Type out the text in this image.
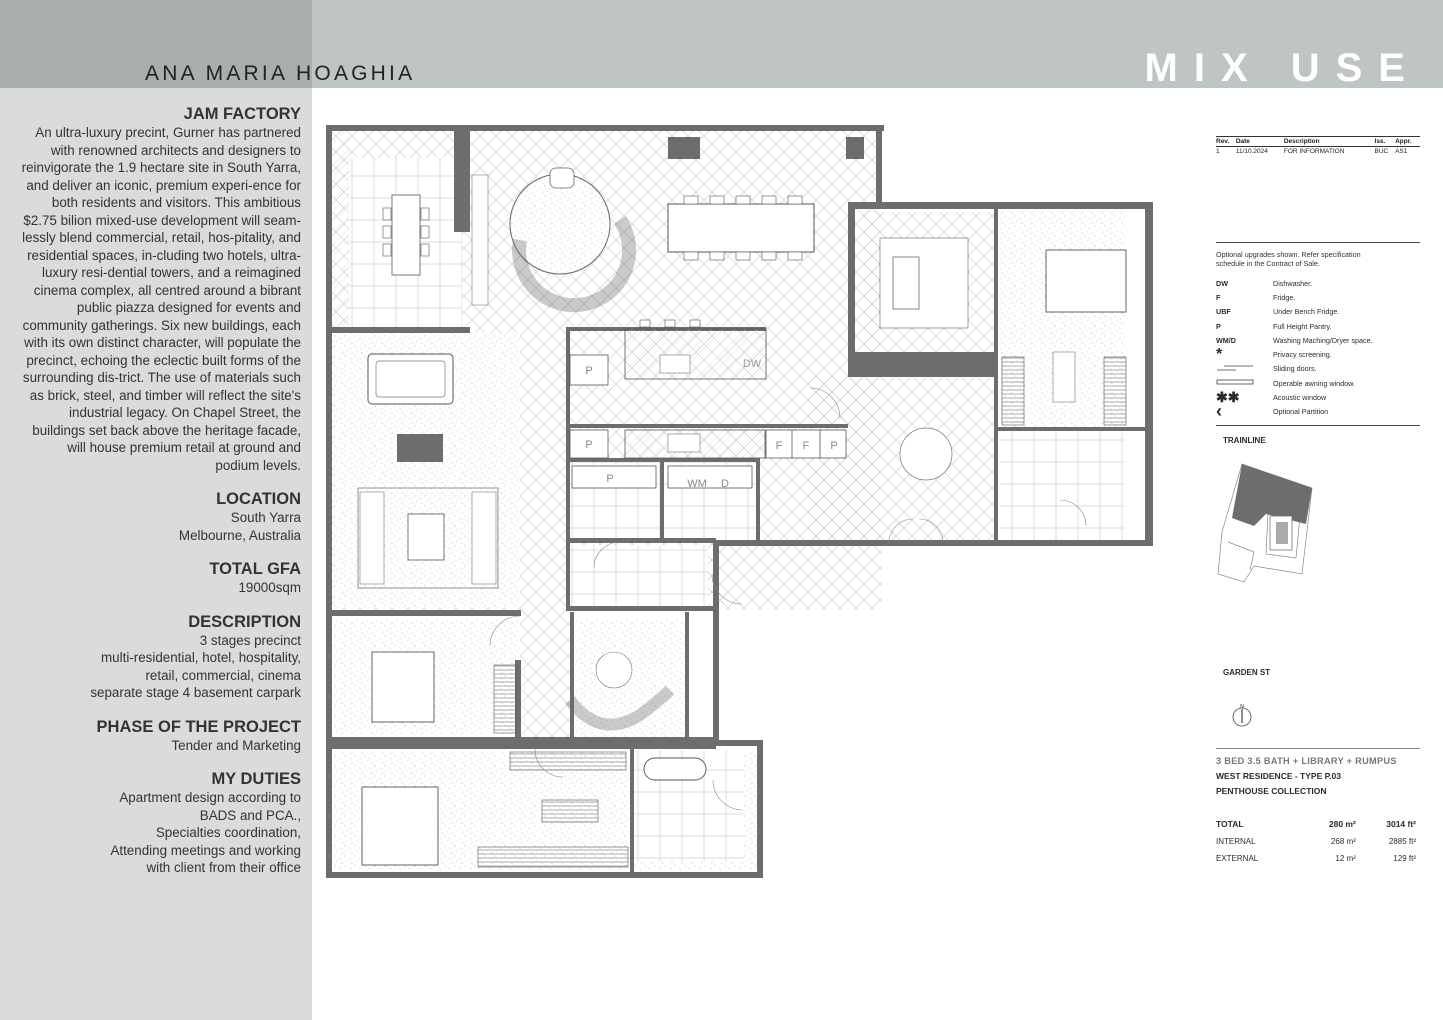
ANA MARIA HOAGHIA	MIX USE

JAM FACTORY

An ultra-luxury precint, Gurner has partnered with renowned architects and designers to reinvigorate the 1.9 hectare site in South Yarra, and deliver an iconic, premium experi-ence for both residents and visitors. This ambitious $2.75 bilion mixed-use development will seam-lessly blend commercial, retail, hos-pitality, and residential spaces, in-cluding two hotels, ultra-luxury resi-dential towers, and a reimagined cinema complex, all centred around a bibrant public piazza designed for events and community gatherings. Six new buildings, each with its own distinct character, will populate the precinct, echoing the eclectic built forms of the surrounding dis-trict. The use of materials such as brick, steel, and timber will reflect the site's industrial legacy. On Chapel Street, the buildings set back above the heritage facade, will house premium retail at ground and podium levels.

LOCATION

South Yarra

Melbourne, Australia

TOTAL GFA

19000sqm

DESCRIPTION

3 stages precinct

multi-residential, hotel, hospitality,

retail, commercial, cinema

separate stage 4 basement carpark

PHASE OF THE PROJECT

Tender and Marketing

MY DUTIES

Apartment design according to

BADS and PCA.,

Specialties coordination,

Attending meetings and working

with client from their office

P
DW
P	F F P
P	WM D
Rev.	Date	Description	Iss.	Appr.
1	11/10.2024	FOR INFORMATION	BUC	AS1
Optional upgrades shown. Refer specification schedule in the Contract of Sale.
DW	Dishwasher.
F	Fridge.
UBF	Under Bench Fridge.
P	Full Height Pantry.
WM/D	Washing Maching/Dryer space.
*	Privacy screening.
Sliding doors.
Operable awning window.
✱✱	Acoustic window
‹	Optional Partition
TRAINLINE
GARDEN ST
N
3 BED 3.5 BATH + LIBRARY + RUMPUS
WEST RESIDENCE - TYPE P.03
PENTHOUSE COLLECTION
TOTAL	280 m²	3014 ft²
INTERNAL	268 m²	2885 ft²
EXTERNAL	12 m²	129 ft²
